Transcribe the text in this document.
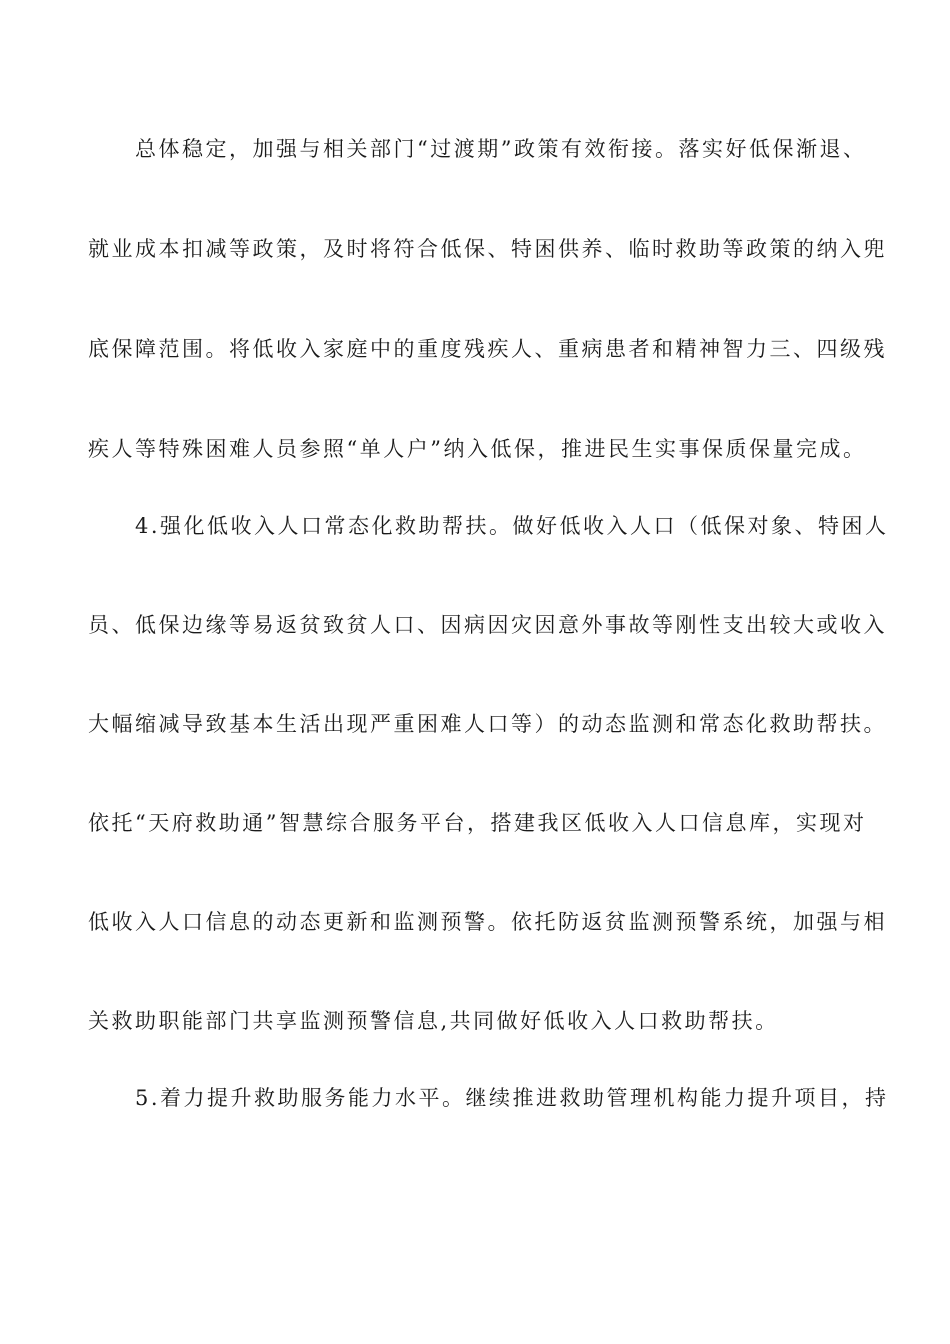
总体稳定，加强与相关部门“过渡期”政策有效衔接。落实好低保渐退、
就业成本扣减等政策，及时将符合低保、特困供养、临时救助等政策的纳入兜
底保障范围。将低收入家庭中的重度残疾人、重病患者和精神智力三、四级残
疾人等特殊困难人员参照“单人户”纳入低保，推进民生实事保质保量完成。
4.强化低收入人口常态化救助帮扶。做好低收入人口（低保对象、特困人
员、低保边缘等易返贫致贫人口、因病因灾因意外事故等刚性支出较大或收入
大幅缩减导致基本生活出现严重困难人口等）的动态监测和常态化救助帮扶。
依托“天府救助通”智慧综合服务平台，搭建我区低收入人口信息库，实现对
低收入人口信息的动态更新和监测预警。依托防返贫监测预警系统，加强与相
关救助职能部门共享监测预警信息,共同做好低收入人口救助帮扶。
5.着力提升救助服务能力水平。继续推进救助管理机构能力提升项目，持
